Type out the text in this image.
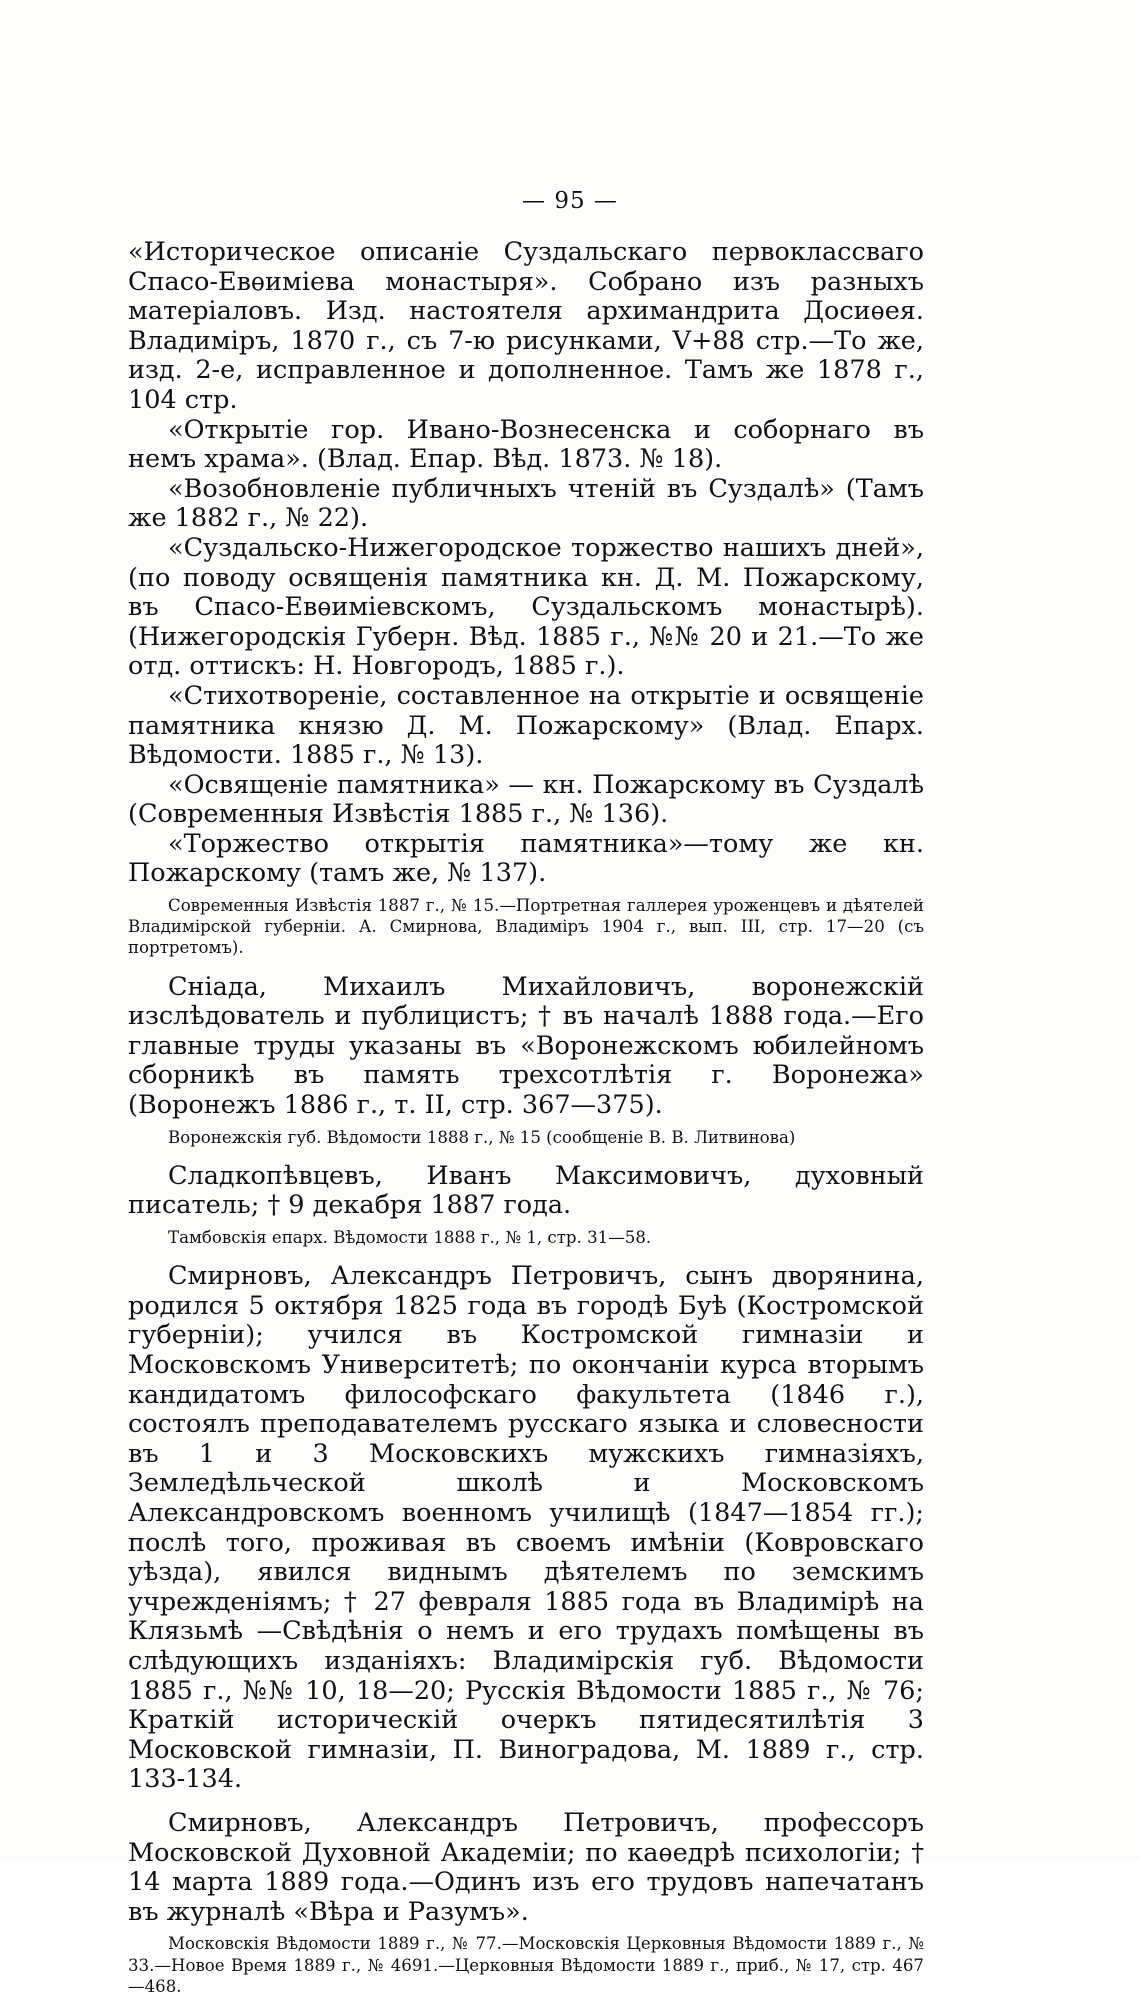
— 95 —

«Историческое описаніе Суздальскаго первоклассваго Спасо-Евѳиміева монастыря». Собрано изъ разныхъ матеріаловъ. Изд. настоятеля архимандрита Досиѳея. Владиміръ, 1870 г., съ 7-ю рисунками, V+88 стр.—То же, изд. 2-е, исправленное и дополненное. Тамъ же 1878 г., 104 стр.

«Открытіе гор. Ивано-Вознесенска и соборнаго въ немъ храма». (Влад. Епар. Вѣд. 1873. № 18).

«Возобновленіе публичныхъ чтеній въ Суздалѣ» (Тамъ же 1882 г., № 22).

«Суздальско-Нижегородское торжество нашихъ дней», (по поводу освященія памятника кн. Д. М. Пожарскому, въ Спасо-Евѳиміевскомъ, Суздальскомъ монастырѣ). (Нижегородскія Губерн. Вѣд. 1885 г., №№ 20 и 21.—То же отд. оттискъ: Н. Новгородъ, 1885 г.).

«Стихотвореніе, составленное на открытіе и освященіе памятника князю Д. М. Пожарскому» (Влад. Епарх. Вѣдомости. 1885 г., № 13).

«Освященіе памятника» — кн. Пожарскому въ Суздалѣ (Современныя Извѣстія 1885 г., № 136).

«Торжество открытія памятника»—тому же кн. Пожарскому (тамъ же, № 137).

Современныя Извѣстія 1887 г., № 15.—Портретная галлерея уроженцевъ и дѣятелей Владимірской губерніи. А. Смирнова, Владиміръ 1904 г., вып. III, стр. 17—20 (съ портретомъ).

Сніада, Михаилъ Михайловичъ, воронежскій изслѣдователь и публицистъ; † въ началѣ 1888 года.—Его главные труды указаны въ «Воронежскомъ юбилейномъ сборникѣ въ память трехсотлѣтія г. Воронежа» (Воронежъ 1886 г., т. II, стр. 367—375).

Воронежскія губ. Вѣдомости 1888 г., № 15 (сообщеніе В. В. Литвинова)

Сладкопѣвцевъ, Иванъ Максимовичъ, духовный писатель; † 9 декабря 1887 года.

Тамбовскія епарх. Вѣдомости 1888 г., № 1, стр. 31—58.

Смирновъ, Александръ Петровичъ, сынъ дворянина, родился 5 октября 1825 года въ городѣ Буѣ (Костромской губерніи); учился въ Костромской гимназіи и Московскомъ Университетѣ; по окончаніи курса вторымъ кандидатомъ философскаго факультета (1846 г.), состоялъ преподавателемъ русскаго языка и словесности въ 1 и 3 Московскихъ мужскихъ гимназіяхъ, Земледѣльческой школѣ и Московскомъ Александровскомъ военномъ училищѣ (1847—1854 гг.); послѣ того, проживая въ своемъ имѣніи (Ковровскаго уѣзда), явился виднымъ дѣятелемъ по земскимъ учрежденіямъ; † 27 февраля 1885 года въ Владимірѣ на Клязьмѣ —Свѣдѣнія о немъ и его трудахъ помѣщены въ слѣдующихъ изданіяхъ: Владимірскія губ. Вѣдомости 1885 г., №№ 10, 18—20; Русскія Вѣдомости 1885 г., № 76; Краткій историческій очеркъ пятидесятилѣтія 3 Московской гимназіи, П. Виноградова, М. 1889 г., стр. 133-134.

Смирновъ, Александръ Петровичъ, профессоръ Московской Духовной Академіи; по каѳедрѣ психологіи; † 14 марта 1889 года.—Одинъ изъ его трудовъ напечатанъ въ журналѣ «Вѣра и Разумъ».

Московскія Вѣдомости 1889 г., № 77.—Московскія Церковныя Вѣдомости 1889 г., № 33.—Новое Время 1889 г., № 4691.—Церковныя Вѣдомости 1889 г., приб., № 17, стр. 467—468.
